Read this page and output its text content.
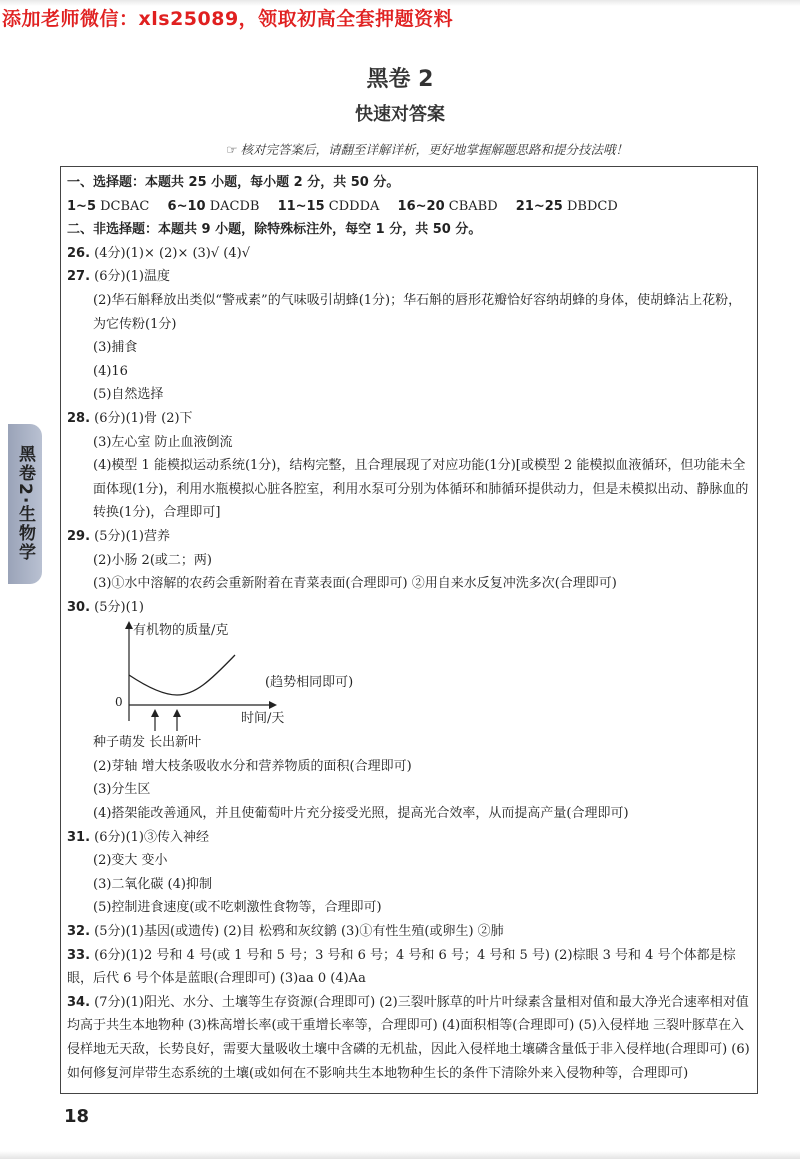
添加老师微信：xls25089，领取初高全套押题资料
黑卷 2
快速对答案
☞ 核对完答案后，请翻至详解详析，更好地掌握解题思路和提分技法哦！
黑卷2·生物学
一、选择题：本题共 25 小题，每小题 2 分，共 50 分。
1~5 DCBAC 6~10 DACDB 11~15 CDDDA 16~20 CBABD 21~25 DBDCD
二、非选择题：本题共 9 小题，除特殊标注外，每空 1 分，共 50 分。
26. (4分)(1)× (2)× (3)√ (4)√
27. (6分)(1)温度
(2)华石斛释放出类似“警戒素”的气味吸引胡蜂(1分)；华石斛的唇形花瓣恰好容纳胡蜂的身体，使胡蜂沾上花粉，为它传粉(1分)
(3)捕食
(4)16
(5)自然选择
28. (6分)(1)骨 (2)下
(3)左心室 防止血液倒流
(4)模型 1 能模拟运动系统(1分)，结构完整，且合理展现了对应功能(1分)[或模型 2 能模拟血液循环，但功能未全面体现(1分)，利用水瓶模拟心脏各腔室，利用水泵可分别为体循环和肺循环提供动力，但是未模拟出动、静脉血的转换(1分)，合理即可]
29. (5分)(1)营养
(2)小肠 2(或二；两)
(3)①水中溶解的农药会重新附着在青菜表面(合理即可) ②用自来水反复冲洗多次(合理即可)
30. (5分)(1)
有机物的质量/克
(趋势相同即可)
0
时间/天
种子萌发 长出新叶
(2)芽轴 增大枝条吸收水分和营养物质的面积(合理即可)
(3)分生区
(4)搭架能改善通风，并且使葡萄叶片充分接受光照，提高光合效率，从而提高产量(合理即可)
31. (6分)(1)③传入神经
(2)变大 变小
(3)二氧化碳 (4)抑制
(5)控制进食速度(或不吃刺激性食物等，合理即可)
32. (5分)(1)基因(或遗传) (2)目 松鸦和灰纹鹟 (3)①有性生殖(或卵生) ②肺
33. (6分)(1)2 号和 4 号(或 1 号和 5 号；3 号和 6 号；4 号和 6 号；4 号和 5 号) (2)棕眼 3 号和 4 号个体都是棕眼，后代 6 号个体是蓝眼(合理即可) (3)aa 0 (4)Aa
34. (7分)(1)阳光、水分、土壤等生存资源(合理即可) (2)三裂叶豚草的叶片叶绿素含量相对值和最大净光合速率相对值均高于共生本地物种 (3)株高增长率(或干重增长率等，合理即可) (4)面积相等(合理即可) (5)入侵样地 三裂叶豚草在入侵样地无天敌，长势良好，需要大量吸收土壤中含磷的无机盐，因此入侵样地土壤磷含量低于非入侵样地(合理即可) (6)如何修复河岸带生态系统的土壤(或如何在不影响共生本地物种生长的条件下清除外来入侵物种等，合理即可)
18
